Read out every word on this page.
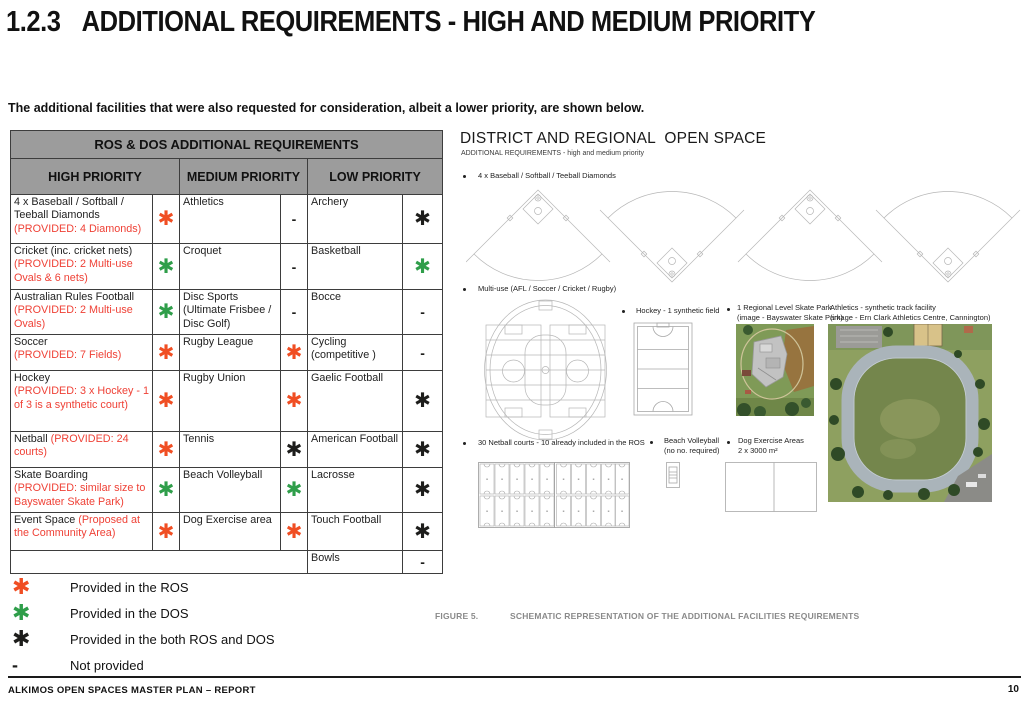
1.2.3 ADDITIONAL REQUIREMENTS - HIGH AND MEDIUM PRIORITY
The additional facilities that were also requested for consideration, albeit a lower priority, are shown below.
ROS & DOS ADDITIONAL REQUIREMENTS					
HIGH PRIORITY		MEDIUM PRIORITY		LOW PRIORITY	
4 x Baseball / Softball / Teeball Diamonds
(PROVIDED: 4 Diamonds)	✱	Athletics	-	Archery	✱
Cricket (inc. cricket nets)
(PROVIDED: 2 Multi-use Ovals & 6 nets)	✱	Croquet	-	Basketball	✱
Australian Rules Football
(PROVIDED: 2 Multi-use Ovals)	✱	Disc Sports (Ultimate Frisbee / Disc Golf)	-	Bocce	-
Soccer
(PROVIDED: 7 Fields)	✱	Rugby League	✱	Cycling (competitive )	-
Hockey
(PROVIDED: 3 x Hockey - 1 of 3 is a synthetic court)	✱	Rugby Union	✱	Gaelic Football	✱
Netball (PROVIDED: 24 courts)	✱	Tennis	✱	American Football	✱
Skate Boarding (PROVIDED: similar size to Bayswater Skate Park)	✱	Beach Volleyball	✱	Lacrosse	✱
Event Space (Proposed at the Community Area)	✱	Dog Exercise area	✱	Touch Football	✱
				Bowls	-
✱	Provided in the ROS
✱	Provided in the DOS
✱	Provided in the both ROS and DOS
-	Not provided
ALKIMOS OPEN SPACES MASTER PLAN – REPORT	10
DISTRICT AND REGIONAL  OPEN SPACE
ADDITIONAL REQUIREMENTS - high and medium priority
4 x Baseball / Softball / Teeball Diamonds
Multi-use (AFL / Soccer / Cricket / Rugby)
Hockey - 1 synthetic field 1 Regional Level Skate Park
(image - Bayswater Skate Park)
Athletics - synthetic track facility
(image - Ern Clark Athletics Centre, Cannington)
30 Netball courts - 10 already included in the ROS	Beach Volleyball
(no no. required)
Dog Exercise Areas
2 x 3000 m²
FIGURE 5.	SCHEMATIC REPRESENTATION OF THE ADDITIONAL FACILITIES REQUIREMENTS
